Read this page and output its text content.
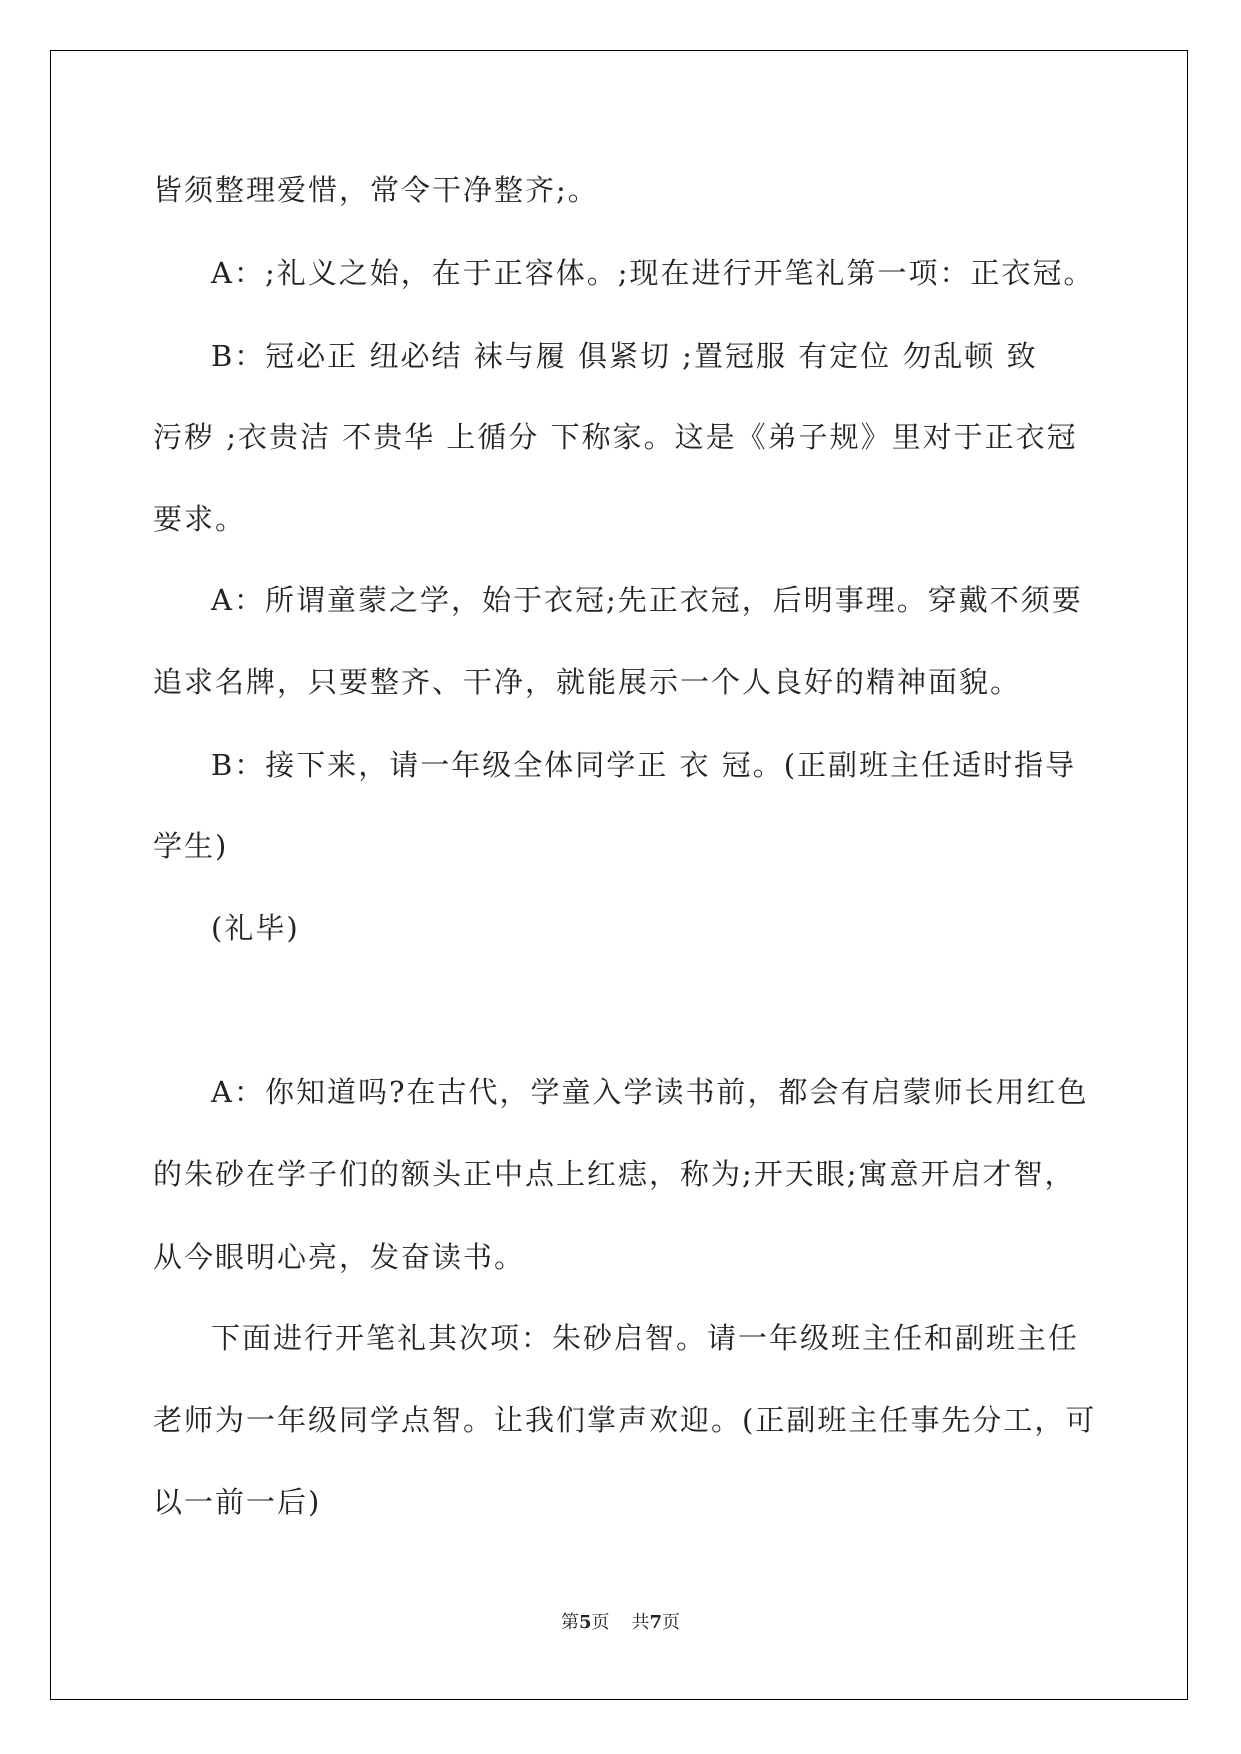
皆须整理爱惜，常令干净整齐;。
A：;礼义之始，在于正容体。;现在进行开笔礼第一项：正衣冠。
B：冠必正 纽必结 袜与履 俱紧切 ;置冠服 有定位 勿乱顿 致
污秽 ;衣贵洁 不贵华 上循分 下称家。这是《弟子规》里对于正衣冠
要求。
A：所谓童蒙之学，始于衣冠;先正衣冠，后明事理。穿戴不须要
追求名牌，只要整齐、干净，就能展示一个人良好的精神面貌。
B：接下来，请一年级全体同学正 衣 冠。(正副班主任适时指导
学生)
(礼毕)
A：你知道吗?在古代，学童入学读书前，都会有启蒙师长用红色
的朱砂在学子们的额头正中点上红痣，称为;开天眼;寓意开启才智，
从今眼明心亮，发奋读书。
下面进行开笔礼其次项：朱砂启智。请一年级班主任和副班主任
老师为一年级同学点智。让我们掌声欢迎。(正副班主任事先分工，可
以一前一后)
第5页 共7页
